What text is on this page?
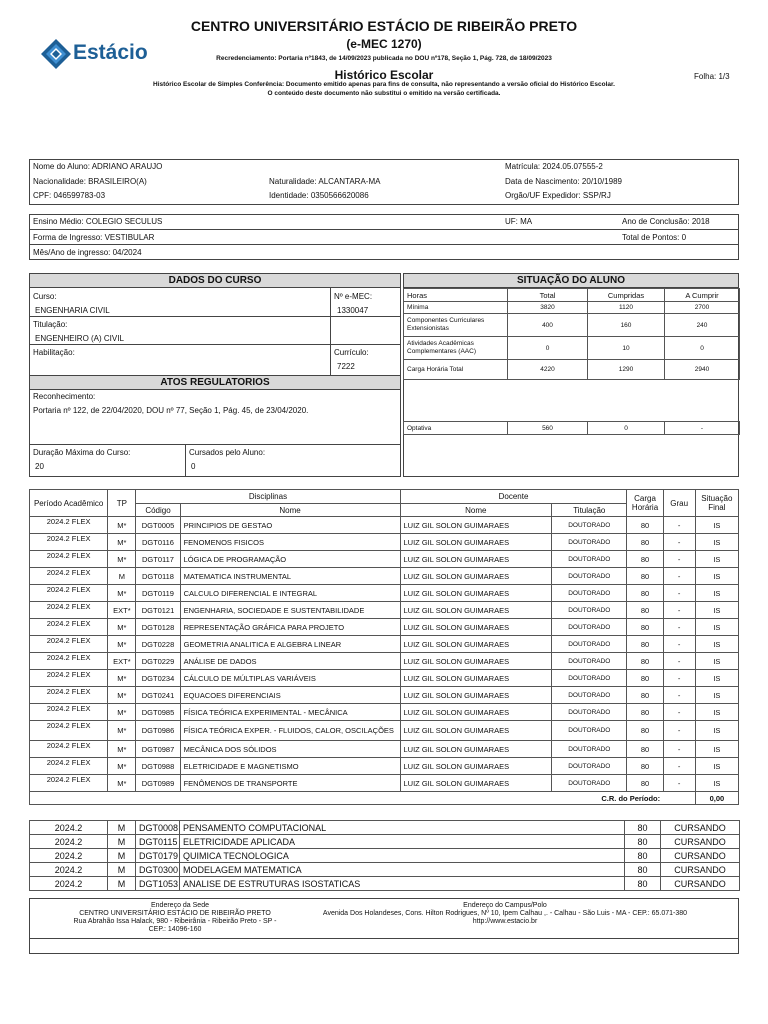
Estácio
CENTRO UNIVERSITÁRIO ESTÁCIO DE RIBEIRÃO PRETO
(e-MEC 1270)
Recredenciamento: Portaria nº1843, de 14/09/2023 publicada no DOU nº178, Seção 1, Pág. 728, de 18/09/2023
Histórico Escolar	Folha: 1/3
Histórico Escolar de Simples Conferência: Documento emitido apenas para fins de consulta, não representando a versão oficial do Histórico Escolar.
O conteúdo deste documento não substitui o emitido na versão certificada.
Nome do Aluno: ADRIANO ARAUJO	Matrícula: 2024.05.07555-2
Nacionalidade: BRASILEIRO(A)	Naturalidade: ALCANTARA-MA	Data de Nascimento: 20/10/1989
CPF: 046599783-03	Identidade: 0350566620086	Orgão/UF Expedidor: SSP/RJ
Ensino Médio: COLEGIO SECULUS	UF: MA	Ano de Conclusão: 2018
Forma de Ingresso: VESTIBULAR	Total de Pontos: 0
Mês/Ano de ingresso: 04/2024
DADOS DO CURSO
Curso:
ENGENHARIA CIVIL
Nº e-MEC:
1330047
Titulação:
ENGENHEIRO (A) CIVIL
Habilitação:	Currículo:
7222
ATOS REGULATORIOS
Reconhecimento:
Portaria nº 122, de 22/04/2020, DOU nº 77, Seção 1, Pág. 45, de 23/04/2020.
Duração Máxima do Curso:
20
Cursados pelo Aluno:
0
SITUAÇÃO DO ALUNO
Horas	Total	Cumpridas	A Cumprir
Mínima	3820	1120	2700
Componentes Curriculares Extensionistas	400	160	240
Atividades Acadêmicas Complementares (AAC)	0	10	0
Carga Horária Total	4220	1290	2940

Optativa	560	0	-
Período Acadêmico	TP	Disciplinas		Docente		Carga Horária	Grau	Situação Final
		Código	Nome	Nome	Titulação			
2024.2 FLEX	M*	DGT0005	PRINCIPIOS DE GESTAO	LUIZ GIL SOLON GUIMARAES	DOUTORADO	80	-	IS
2024.2 FLEX	M*	DGT0116	FENOMENOS FISICOS	LUIZ GIL SOLON GUIMARAES	DOUTORADO	80	-	IS
2024.2 FLEX	M*	DGT0117	LÓGICA DE PROGRAMAÇÃO	LUIZ GIL SOLON GUIMARAES	DOUTORADO	80	-	IS
2024.2 FLEX	M	DGT0118	MATEMATICA INSTRUMENTAL	LUIZ GIL SOLON GUIMARAES	DOUTORADO	80	-	IS
2024.2 FLEX	M*	DGT0119	CALCULO DIFERENCIAL E INTEGRAL	LUIZ GIL SOLON GUIMARAES	DOUTORADO	80	-	IS
2024.2 FLEX	EXT*	DGT0121	ENGENHARIA, SOCIEDADE E SUSTENTABILIDADE	LUIZ GIL SOLON GUIMARAES	DOUTORADO	80	-	IS
2024.2 FLEX	M*	DGT0128	REPRESENTAÇÃO GRÁFICA PARA PROJETO	LUIZ GIL SOLON GUIMARAES	DOUTORADO	80	-	IS
2024.2 FLEX	M*	DGT0228	GEOMETRIA ANALITICA E ALGEBRA LINEAR	LUIZ GIL SOLON GUIMARAES	DOUTORADO	80	-	IS
2024.2 FLEX	EXT*	DGT0229	ANÁLISE DE DADOS	LUIZ GIL SOLON GUIMARAES	DOUTORADO	80	-	IS
2024.2 FLEX	M*	DGT0234	CÁLCULO DE MÚLTIPLAS VARIÁVEIS	LUIZ GIL SOLON GUIMARAES	DOUTORADO	80	-	IS
2024.2 FLEX	M*	DGT0241	EQUACOES DIFERENCIAIS	LUIZ GIL SOLON GUIMARAES	DOUTORADO	80	-	IS
2024.2 FLEX	M*	DGT0985	FÍSICA TEÓRICA EXPERIMENTAL - MECÂNICA	LUIZ GIL SOLON GUIMARAES	DOUTORADO	80	-	IS
2024.2 FLEX	M*	DGT0986	FÍSICA TEÓRICA EXPER. - FLUIDOS, CALOR, OSCILAÇÕES	LUIZ GIL SOLON GUIMARAES	DOUTORADO	80	-	IS
2024.2 FLEX	M*	DGT0987	MECÂNICA DOS SÓLIDOS	LUIZ GIL SOLON GUIMARAES	DOUTORADO	80	-	IS
2024.2 FLEX	M*	DGT0988	ELETRICIDADE E MAGNETISMO	LUIZ GIL SOLON GUIMARAES	DOUTORADO	80	-	IS
2024.2 FLEX	M*	DGT0989	FENÔMENOS DE TRANSPORTE	LUIZ GIL SOLON GUIMARAES	DOUTORADO	80	-	IS
C.R. do Período:								0,00
2024.2	M	DGT0008	PENSAMENTO COMPUTACIONAL	80	CURSANDO
2024.2	M	DGT0115	ELETRICIDADE APLICADA	80	CURSANDO
2024.2	M	DGT0179	QUIMICA TECNOLOGICA	80	CURSANDO
2024.2	M	DGT0300	MODELAGEM MATEMATICA	80	CURSANDO
2024.2	M	DGT1053	ANALISE DE ESTRUTURAS ISOSTATICAS	80	CURSANDO
Endereço da Sede
CENTRO UNIVERSITÁRIO ESTÁCIO DE RIBEIRÃO PRETO
Rua Abrahão Issa Halack, 980 - Ribeirânia - Ribeirão Preto - SP -
CEP.: 14096-160
Endereço do Campus/Polo
Avenida Dos Holandeses, Cons. Hilton Rodrigues, Nº 10, Ipem Calhau ,. - Calhau - São Luis - MA - CEP.: 65.071-380
http://www.estacio.br
